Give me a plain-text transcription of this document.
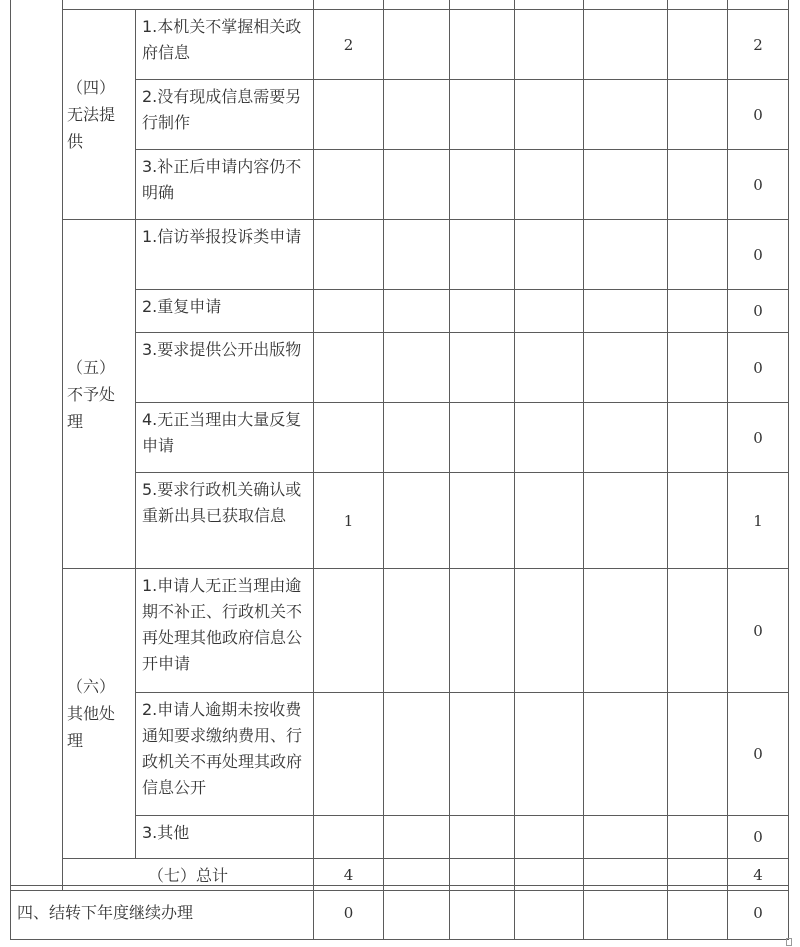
	（四）
无法提
供	1.本机关不掌握相关政府信息	2						2
		2.没有现成信息需要另行制作							0
		3.补正后申请内容仍不明确							0

	（五）
不予处
理	1.信访举报投诉类申请							0
		2.重复申请							0
		3.要求提供公开出版物							0
		4.无正当理由大量反复申请							0
		5.要求行政机关确认或重新出具已获取信息	1						1

	（六）
其他处
理	1.申请人无正当理由逾期不补正、行政机关不再处理其他政府信息公开申请							0
		2.申请人逾期未按收费通知要求缴纳费用、行政机关不再处理其政府信息公开							0
		3.其他							0
	（七）总计		4						4
四、结转下年度继续办理	0						0
